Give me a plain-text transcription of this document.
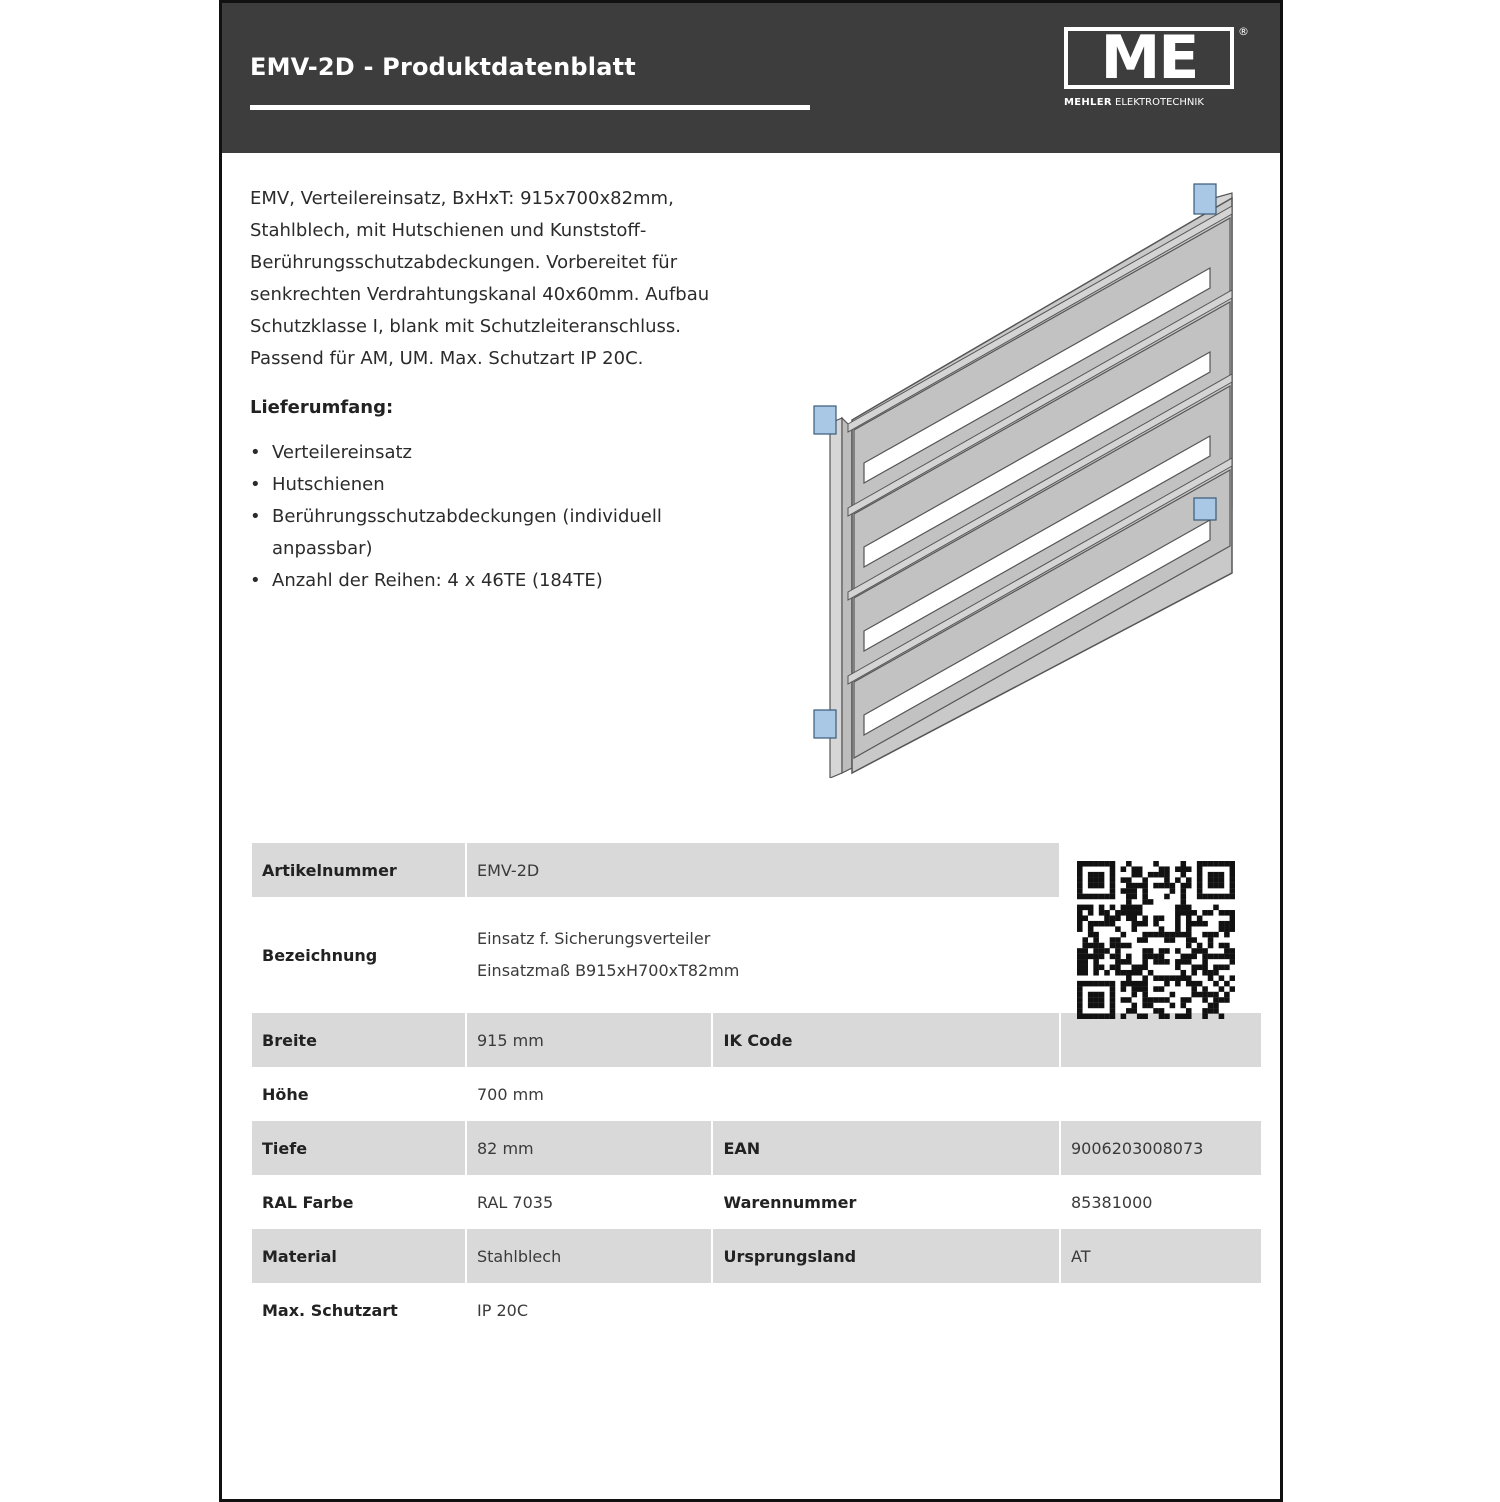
EMV-2D - Produktdatenblatt	ME	®
MEHLER ELEKTROTECHNIK

EMV, Verteilereinsatz, BxHxT: 915x700x82mm,

Stahlblech, mit Hutschienen und Kunststoff-

Berührungsschutzabdeckungen. Vorbereitet für

senkrechten Verdrahtungskanal 40x60mm. Aufbau

Schutzklasse I, blank mit Schutzleiteranschluss.

Passend für AM, UM. Max. Schutzart IP 20C.

Lieferumfang:
• Verteilereinsatz
• Hutschienen
• Berührungsschutzabdeckungen (individuell anpassbar)
• Anzahl der Reihen: 4 x 46TE (184TE)
Artikelnummer	EMV-2D		
Bezeichnung	Einsatz f. Sicherungsverteiler
Einsatzmaß B915xH700xT82mm		

Breite	915 mm	IK Code	
Höhe	700 mm		
Tiefe	82 mm	EAN	9006203008073
RAL Farbe	RAL 7035	Warennummer	85381000
Material	Stahlblech	Ursprungsland	AT
Max. Schutzart	IP 20C		
